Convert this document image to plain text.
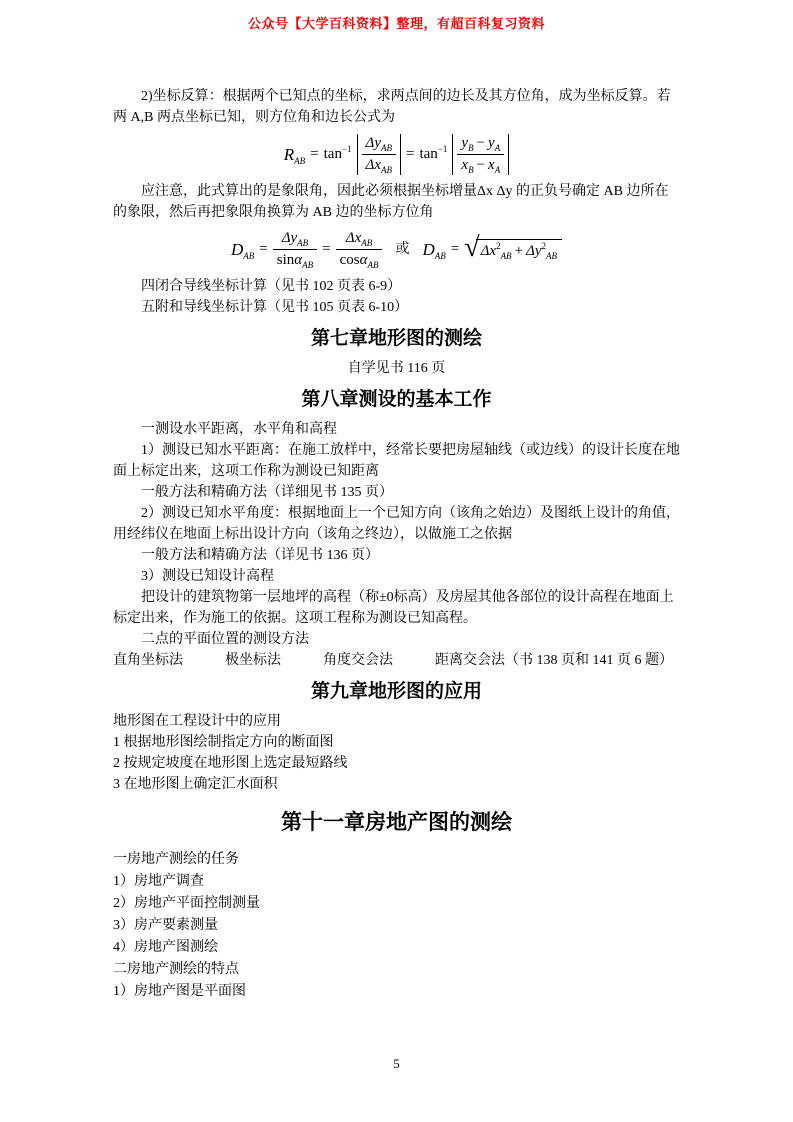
公众号【大学百科资料】整理，有超百科复习资料

2)坐标反算：根据两个已知点的坐标，求两点间的边长及其方位角，成为坐标反算。若两 A,B 两点坐标已知，则方位角和边长公式为

$R_{AB} = \tan^{-1} \frac{\Delta y_{AB}}{\Delta x_{AB}} = \tan^{-1} \frac{y_B - y_A}{x_B - x_A}$

应注意，此式算出的是象限角，因此必须根据坐标增量Δx Δy 的正负号确定 AB 边所在的象限，然后再把象限角换算为 AB 边的坐标方位角

$D_{AB} = \frac{\Delta y_{AB}}{\sin\alpha_{AB}} = \frac{\Delta x_{AB}}{\cos\alpha_{AB}}$ 或 $D_{AB}$ = √ $\Delta x^2_{AB} + \Delta y^2_{AB}$

四闭合导线坐标计算（见书 102 页表 6-9）

五附和导线坐标计算（见书 105 页表 6-10）

第七章地形图的测绘

自学见书 116 页

第八章测设的基本工作

一测设水平距离，水平角和高程

1）测设已知水平距离：在施工放样中，经常长要把房屋轴线（或边线）的设计长度在地面上标定出来，这项工作称为测设已知距离

一般方法和精确方法（详细见书 135 页）

2）测设已知水平角度：根据地面上一个已知方向（该角之始边）及图纸上设计的角值，用经纬仪在地面上标出设计方向（该角之终边），以做施工之依据

一般方法和精确方法（详见书 136 页）

3）测设已知设计高程

把设计的建筑物第一层地坪的高程（称±0标高）及房屋其他各部位的设计高程在地面上标定出来，作为施工的依据。这项工程称为测设已知高程。

二点的平面位置的测设方法

直角坐标法　　　极坐标法　　　角度交会法　　　距离交会法（书 138 页和 141 页 6 题）

第九章地形图的应用

地形图在工程设计中的应用

1 根据地形图绘制指定方向的断面图

2 按规定坡度在地形图上选定最短路线

3 在地形图上确定汇水面积

第十一章房地产图的测绘

一房地产测绘的任务

1）房地产调查

2）房地产平面控制测量

3）房产要素测量

4）房地产图测绘

二房地产测绘的特点

1）房地产图是平面图

5
